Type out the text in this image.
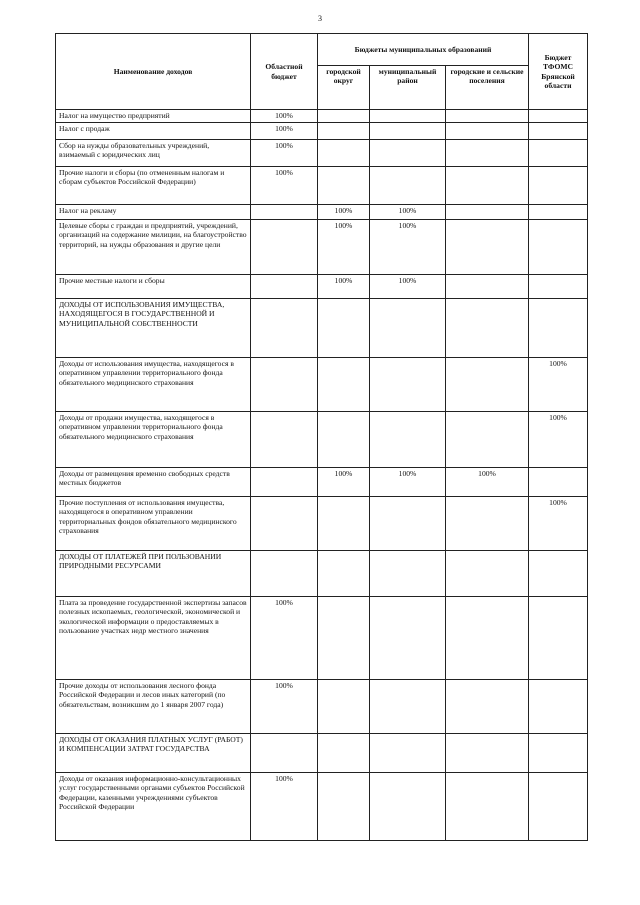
3
Наименование доходов	Областной бюджет	Бюджеты муниципальных образований			Бюджет ТФОМС Брянской области
		городской округ	муниципальный район	городские и сельские поселения	
Налог на имущество предприятий	100%				
Налог с продаж	100%				
Сбор на нужды образовательных учреждений, взимаемый с юридических лиц	100%				
Прочие налоги и сборы (по отмененным налогам и сборам субъектов Российской Федерации)	100%				
Налог на рекламу		100%	100%		
Целевые сборы с граждан и предприятий, учреждений, организаций на содержание милиции, на благоустройство территорий, на нужды образования и другие цели		100%	100%		
Прочие местные налоги и сборы		100%	100%		
ДОХОДЫ ОТ ИСПОЛЬЗОВАНИЯ ИМУЩЕСТВА, НАХОДЯЩЕГОСЯ В ГОСУДАРСТВЕННОЙ И МУНИЦИПАЛЬНОЙ СОБСТВЕННОСТИ					
Доходы от использования имущества, находящегося в оперативном управлении территориального фонда обязательного медицинского страхования					100%
Доходы от продажи имущества, находящегося в оперативном управлении территориального фонда обязательного медицинского страхования					100%
Доходы от размещения временно свободных средств местных бюджетов		100%	100%	100%	
Прочие поступления от использования имущества, находящегося в оперативном управлении территориальных фондов обязательного медицинского страхования					100%
ДОХОДЫ ОТ ПЛАТЕЖЕЙ ПРИ ПОЛЬЗОВАНИИ ПРИРОДНЫМИ РЕСУРСАМИ					
Плата за проведение государственной экспертизы запасов полезных ископаемых, геологической, экономической и экологической информации о предоставляемых в пользование участках недр местного значения	100%				
Прочие доходы от использования лесного фонда Российской Федерации и лесов иных категорий (по обязательствам, возникшим до 1 января 2007 года)	100%				
ДОХОДЫ ОТ ОКАЗАНИЯ ПЛАТНЫХ УСЛУГ (РАБОТ) И КОМПЕНСАЦИИ ЗАТРАТ ГОСУДАРСТВА					
Доходы от оказания информационно-консультационных услуг государственными органами субъектов Российской Федерации, казенными учреждениями субъектов Российской Федерации	100%				
